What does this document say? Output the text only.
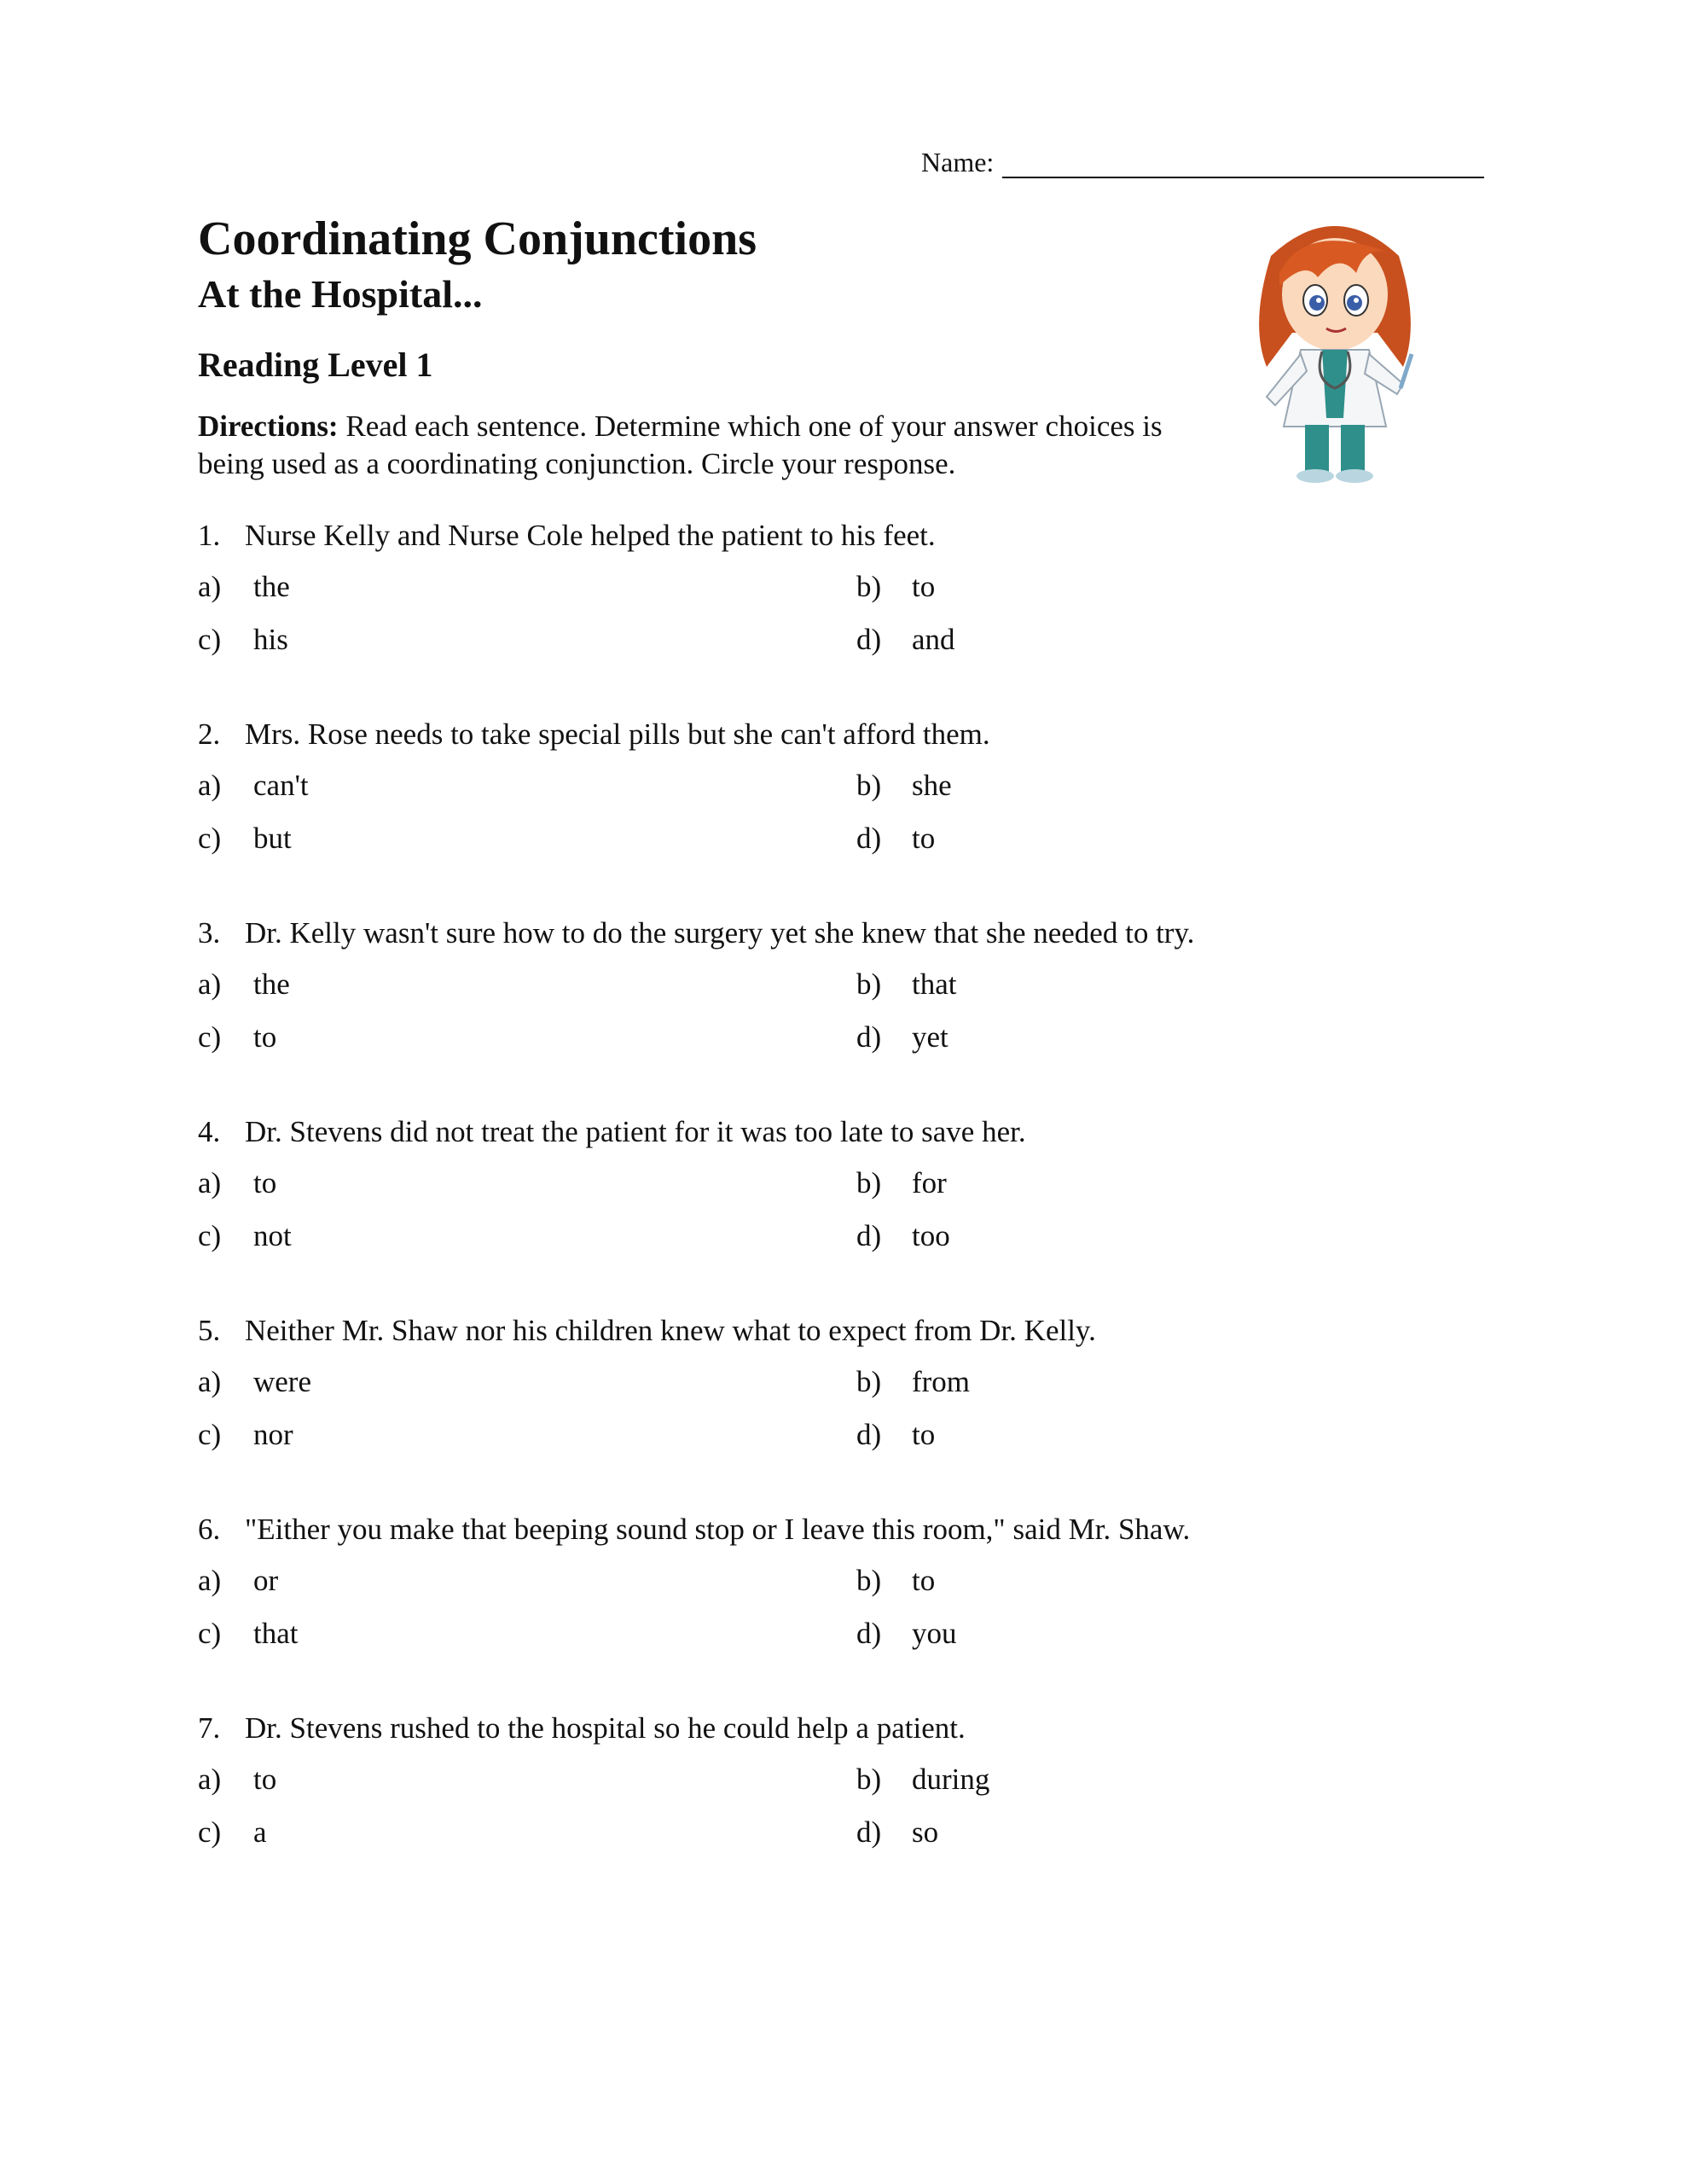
Name:
Coordinating Conjunctions
At the Hospital...
Reading Level 1

Directions: Read each sentence. Determine which one of your answer choices is being used as a coordinating conjunction. Circle your response.

1. Nurse Kelly and Nurse Cole helped the patient to his feet.
a)	the	b)	to
c)	his	d)	and
2. Mrs. Rose needs to take special pills but she can't afford them.
a)	can't	b)	she
c)	but	d)	to
3. Dr. Kelly wasn't sure how to do the surgery yet she knew that she needed to try.
a)	the	b)	that
c)	to	d)	yet
4. Dr. Stevens did not treat the patient for it was too late to save her.
a)	to	b)	for
c)	not	d)	too
5. Neither Mr. Shaw nor his children knew what to expect from Dr. Kelly.
a)	were	b)	from
c)	nor	d)	to
6. "Either you make that beeping sound stop or I leave this room," said Mr. Shaw.
a)	or	b)	to
c)	that	d)	you
7. Dr. Stevens rushed to the hospital so he could help a patient.
a)	to	b)	during
c)	a	d)	so
